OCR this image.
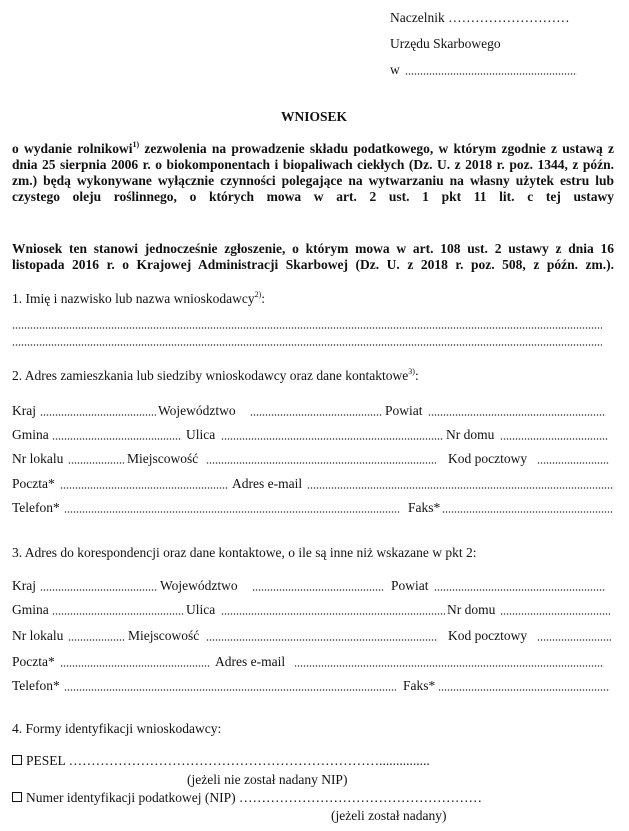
Naczelnik ………………………
Urzędu Skarbowego
w
WNIOSEK
o wydanie rolnikowi$^{1)}$ zezwolenia na prowadzenie składu podatkowego, w którym zgodnie z ustawą z dnia 25 sierpnia 2006 r. o biokomponentach i biopaliwach ciekłych (Dz. U. z 2018 r. poz. 1344, z późn. zm.) będą wykonywane wyłącznie czynności polegające na wytwarzaniu na własny użytek estru lub czystego oleju roślinnego, o których mowa w art. 2 ust. 1 pkt 11 lit. c tej ustawy
Wniosek ten stanowi jednocześnie zgłoszenie, o którym mowa w art. 108 ust. 2 ustawy z dnia 16 listopada 2016 r. o Krajowej Administracji Skarbowej (Dz. U. z 2018 r. poz. 508, z późn. zm.).
1. Imię i nazwisko lub nazwa wnioskodawcy$^{2)}$:
2. Adres zamieszkania lub siedziby wnioskodawcy oraz dane kontaktowe$^{3)}$:
Kraj	Województwo	Powiat
Gmina	Ulica	Nr domu
Nr lokalu	Miejscowość	Kod pocztowy
Poczta*	Adres e-mail
Telefon*	Faks*
3. Adres do korespondencji oraz dane kontaktowe, o ile są inne niż wskazane w pkt 2:
Kraj	Województwo	Powiat
Gmina	Ulica	Nr domu
Nr lokalu	Miejscowość	Kod pocztowy
Poczta*	Adres e-mail
Telefon*	Faks*
4. Formy identyfikacji wnioskodawcy:
PESEL ……………………………………………………………...............
(jeżeli nie został nadany NIP)
Numer identyfikacji podatkowej (NIP) ………………………………………………
(jeżeli został nadany)
